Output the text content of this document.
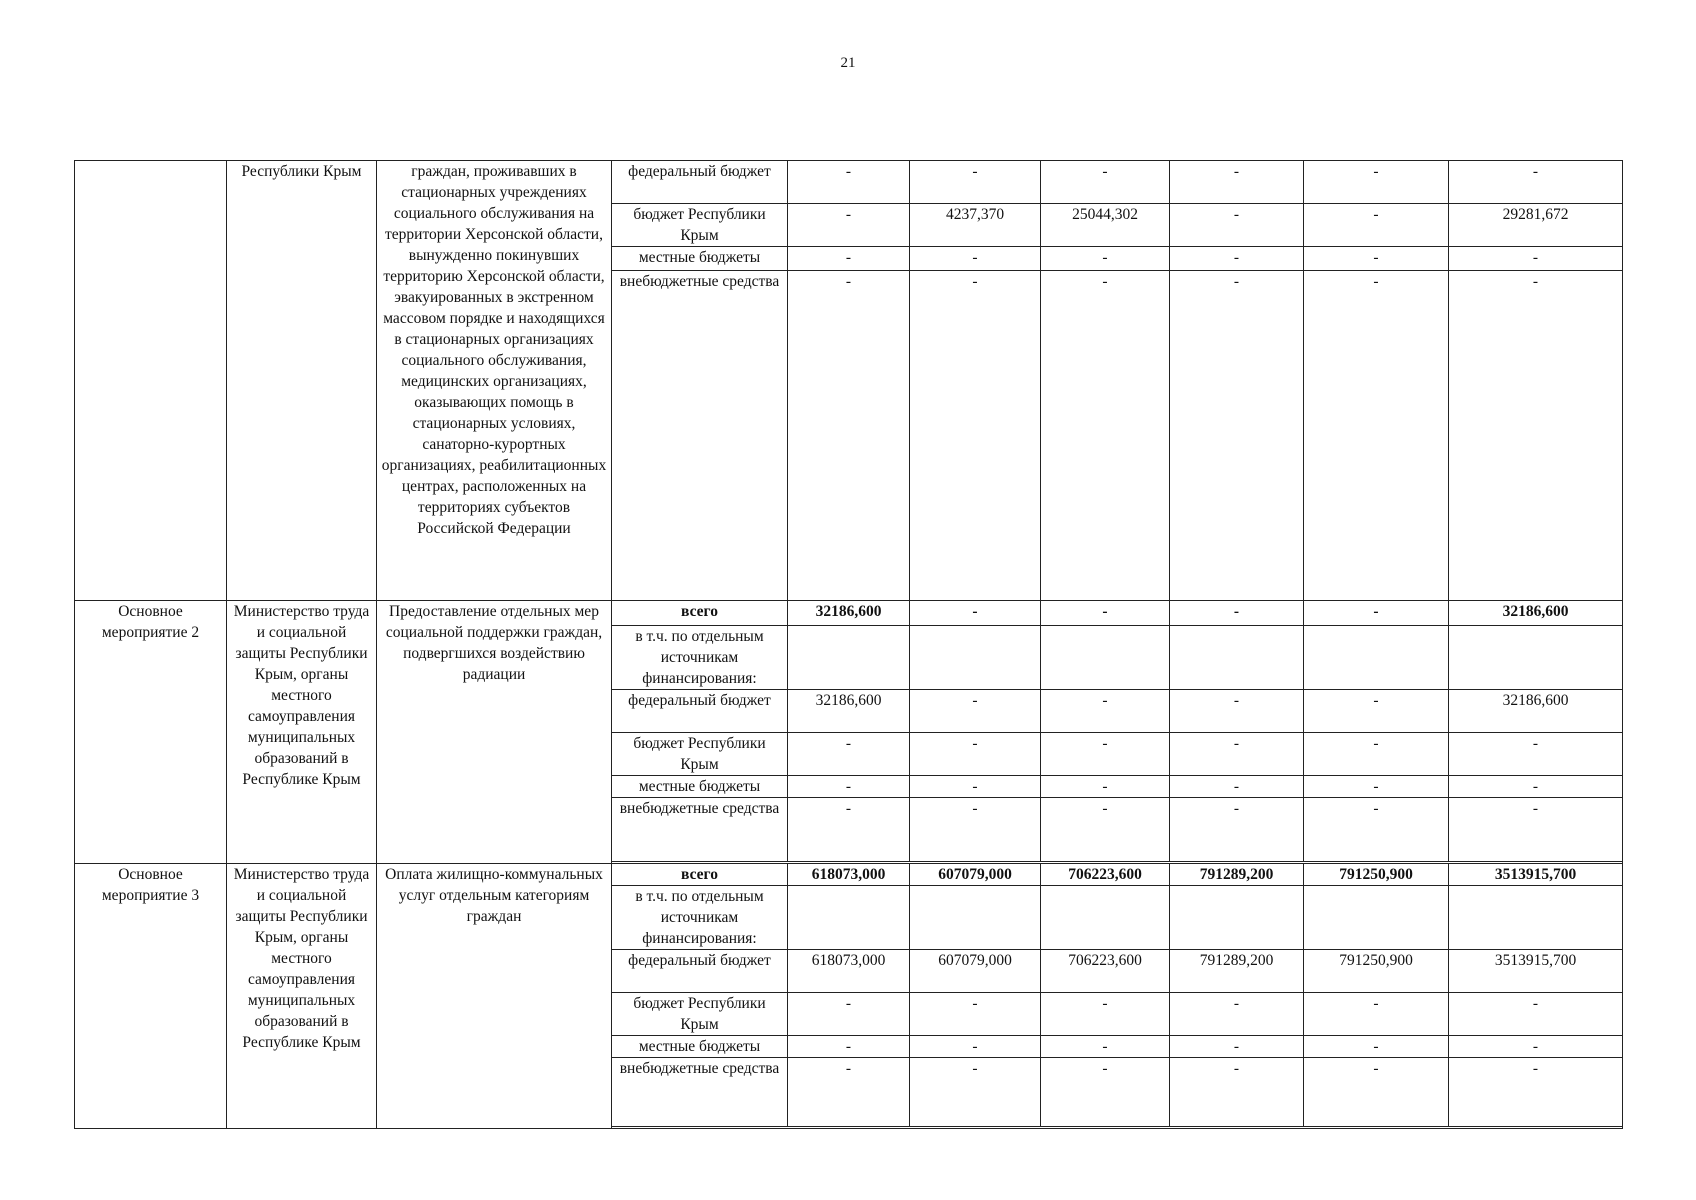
21
	Республики Крым	граждан, проживавших в стационарных учреждениях социального обслуживания на территории Херсонской области, вынужденно покинувших территорию Херсонской области, эвакуированных в экстренном массовом порядке и находящихся в стационарных организациях социального обслуживания, медицинских организациях, оказывающих помощь в стационарных условиях, санаторно-курортных организациях, реабилитационных центрах, расположенных на территориях субъектов Российской Федерации	федеральный бюджет	-	-	-	-	-	-
			бюджет Республики Крым	-	4237,370	25044,302	-	-	29281,672
			местные бюджеты	-	-	-	-	-	-
			внебюджетные средства	-	-	-	-	-	-
Основное мероприятие 2	Министерство труда и социальной защиты Республики Крым, органы местного самоуправления муниципальных образований в Республике Крым	Предоставление отдельных мер социальной поддержки граждан, подвергшихся воздействию радиации	всего	32186,600	-	-	-	-	32186,600
			в т.ч. по отдельным источникам финансирования:						
			федеральный бюджет	32186,600	-	-	-	-	32186,600
			бюджет Республики Крым	-	-	-	-	-	-
			местные бюджеты	-	-	-	-	-	-
			внебюджетные средства	-	-	-	-	-	-

Основное мероприятие 3	Министерство труда и социальной защиты Республики Крым, органы местного самоуправления муниципальных образований в Республике Крым	Оплата жилищно-коммунальных услуг отдельным категориям граждан	всего	618073,000	607079,000	706223,600	791289,200	791250,900	3513915,700
			в т.ч. по отдельным источникам финансирования:						
			федеральный бюджет	618073,000	607079,000	706223,600	791289,200	791250,900	3513915,700
			бюджет Республики Крым	-	-	-	-	-	-
			местные бюджеты	-	-	-	-	-	-
			внебюджетные средства	-	-	-	-	-	-
